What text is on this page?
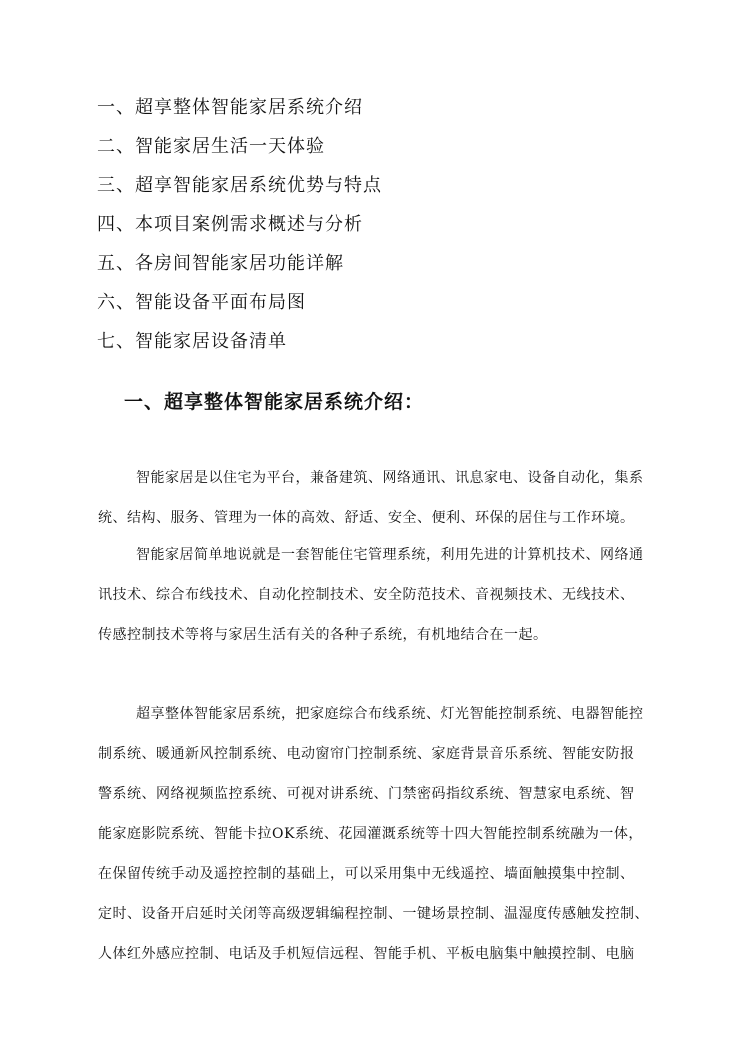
一、超享整体智能家居系统介绍
二、智能家居生活一天体验
三、超享智能家居系统优势与特点
四、本项目案例需求概述与分析
五、各房间智能家居功能详解
六、智能设备平面布局图
七、智能家居设备清单
一、超享整体智能家居系统介绍：
智能家居是以住宅为平台，兼备建筑、网络通讯、讯息家电、设备自动化，集系
统、结构、服务、管理为一体的高效、舒适、安全、便利、环保的居住与工作环境。
智能家居简单地说就是一套智能住宅管理系统，利用先进的计算机技术、网络通
讯技术、综合布线技术、自动化控制技术、安全防范技术、音视频技术、无线技术、
传感控制技术等将与家居生活有关的各种子系统，有机地结合在一起。
超享整体智能家居系统，把家庭综合布线系统、灯光智能控制系统、电器智能控
制系统、暖通新风控制系统、电动窗帘门控制系统、家庭背景音乐系统、智能安防报
警系统、网络视频监控系统、可视对讲系统、门禁密码指纹系统、智慧家电系统、智
能家庭影院系统、智能卡拉OK系统、花园灌溉系统等十四大智能控制系统融为一体，
在保留传统手动及遥控控制的基础上，可以采用集中无线遥控、墙面触摸集中控制、
定时、设备开启延时关闭等高级逻辑编程控制、一键场景控制、温湿度传感触发控制、
人体红外感应控制、电话及手机短信远程、智能手机、平板电脑集中触摸控制、电脑
